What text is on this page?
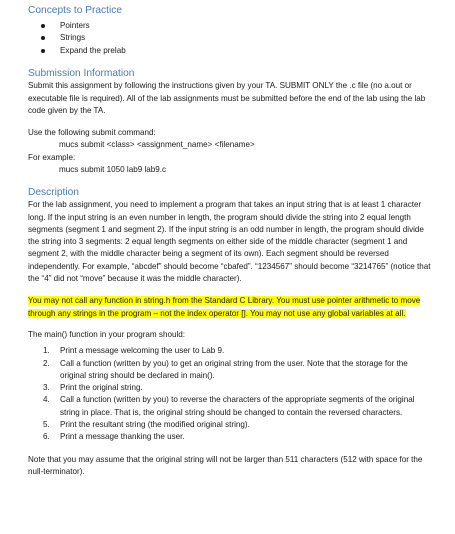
Concepts to Practice

Pointers
Strings
Expand the prelab

Submission Information

Submit this assignment by following the instructions given by your TA. SUBMIT ONLY the .c file (no a.out or executable file is required). All of the lab assignments must be submitted before the end of the lab using the lab code given by the TA.

Use the following submit command:

mucs submit <class> <assignment_name> <filename>

For example:

mucs submit 1050 lab9 lab9.c

Description

For the lab assignment, you need to implement a program that takes an input string that is at least 1 character long. If the input string is an even number in length, the program should divide the string into 2 equal length segments (segment 1 and segment 2). If the input string is an odd number in length, the program should divide the string into 3 segments: 2 equal length segments on either side of the middle character (segment 1 and segment 2, with the middle character being a segment of its own). Each segment should be reversed independently. For example, “abcdef” should become “cbafed”. “1234567” should become “3214765” (notice that the “4” did not “move” because it was the middle character).

You may not call any function in string.h from the Standard C Library. You must use pointer arithmetic to move through any strings in the program – not the index operator []. You may not use any global variables at all.

The main() function in your program should:

1. Print a message welcoming the user to Lab 9.
2. Call a function (written by you) to get an original string from the user. Note that the storage for the original string should be declared in main().
3. Print the original string.
4. Call a function (written by you) to reverse the characters of the appropriate segments of the original string in place. That is, the original string should be changed to contain the reversed characters.
5. Print the resultant string (the modified original string).
6. Print a message thanking the user.

Note that you may assume that the original string will not be larger than 511 characters (512 with space for the null-terminator).
